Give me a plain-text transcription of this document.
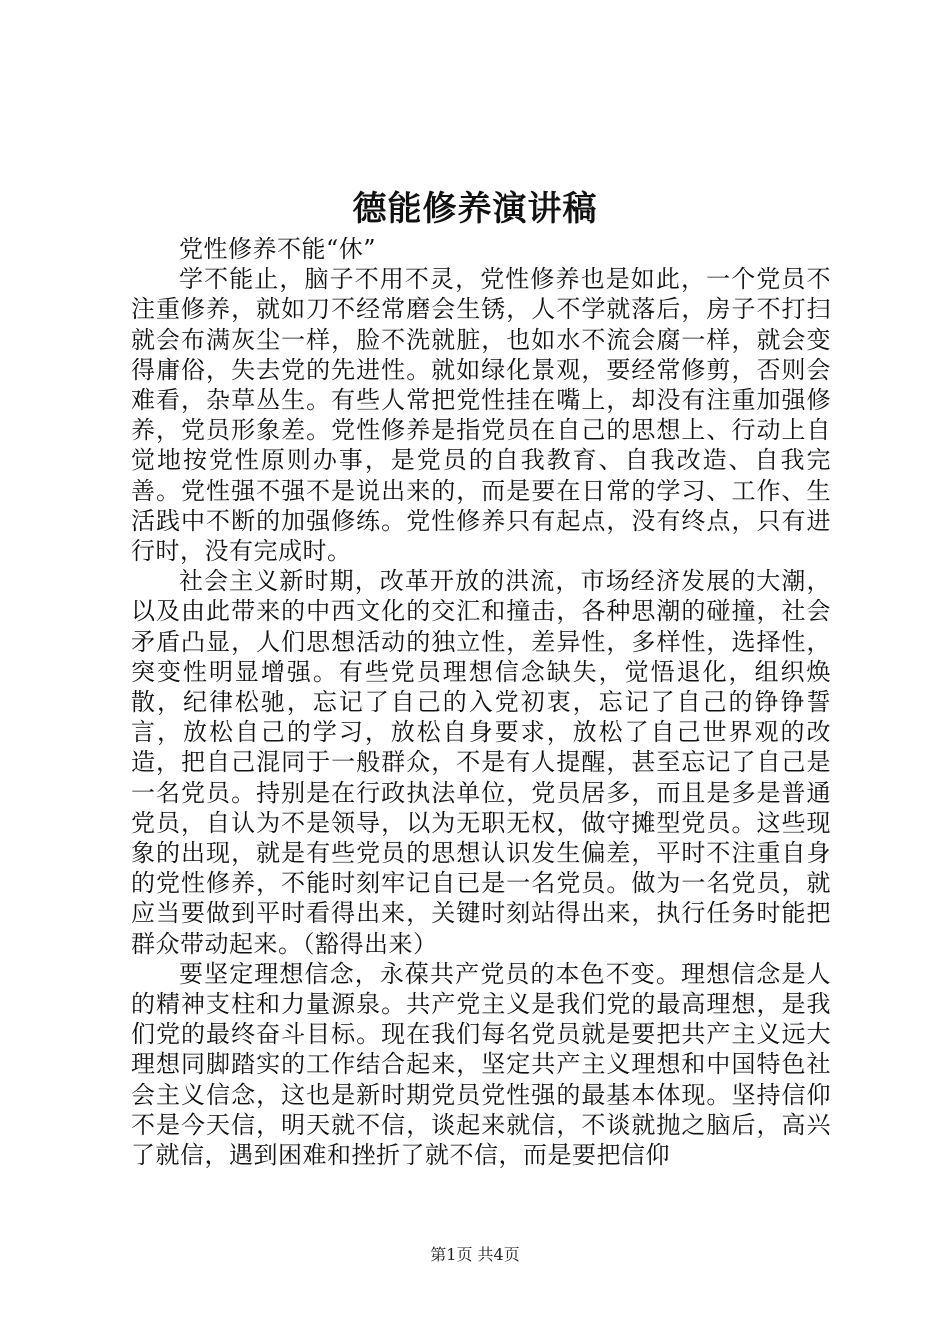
德能修养演讲稿

党性修养不能“休”

学不能止，脑子不用不灵，党性修养也是如此，一个党员不注重修养，就如刀不经常磨会生锈，人不学就落后，房子不打扫就会布满灰尘一样，脸不洗就脏，也如水不流会腐一样，就会变得庸俗，失去党的先进性。就如绿化景观，要经常修剪，否则会难看，杂草丛生。有些人常把党性挂在嘴上，却没有注重加强修养，党员形象差。党性修养是指党员在自己的思想上、行动上自觉地按党性原则办事，是党员的自我教育、自我改造、自我完善。党性强不强不是说出来的，而是要在日常的学习、工作、生活践中不断的加强修练。党性修养只有起点，没有终点，只有进行时，没有完成时。

社会主义新时期，改革开放的洪流，市场经济发展的大潮，以及由此带来的中西文化的交汇和撞击，各种思潮的碰撞，社会矛盾凸显，人们思想活动的独立性，差异性，多样性，选择性，突变性明显增强。有些党员理想信念缺失，觉悟退化，组织焕散，纪律松驰，忘记了自己的入党初衷，忘记了自己的铮铮誓言，放松自己的学习，放松自身要求，放松了自己世界观的改造，把自己混同于一般群众，不是有人提醒，甚至忘记了自己是一名党员。持别是在行政执法单位，党员居多，而且是多是普通党员，自认为不是领导，以为无职无权，做守摊型党员。这些现象的出现，就是有些党员的思想认识发生偏差，平时不注重自身的党性修养，不能时刻牢记自已是一名党员。做为一名党员，就应当要做到平时看得出来，关键时刻站得出来，执行任务时能把群众带动起来。（豁得出来）

要坚定理想信念，永葆共产党员的本色不变。理想信念是人的精神支柱和力量源泉。共产党主义是我们党的最高理想，是我们党的最终奋斗目标。现在我们每名党员就是要把共产主义远大理想同脚踏实的工作结合起来，坚定共产主义理想和中国特色社会主义信念，这也是新时期党员党性强的最基本体现。坚持信仰不是今天信，明天就不信，谈起来就信，不谈就抛之脑后，高兴了就信，遇到困难和挫折了就不信，而是要把信仰

第1页 共4页
